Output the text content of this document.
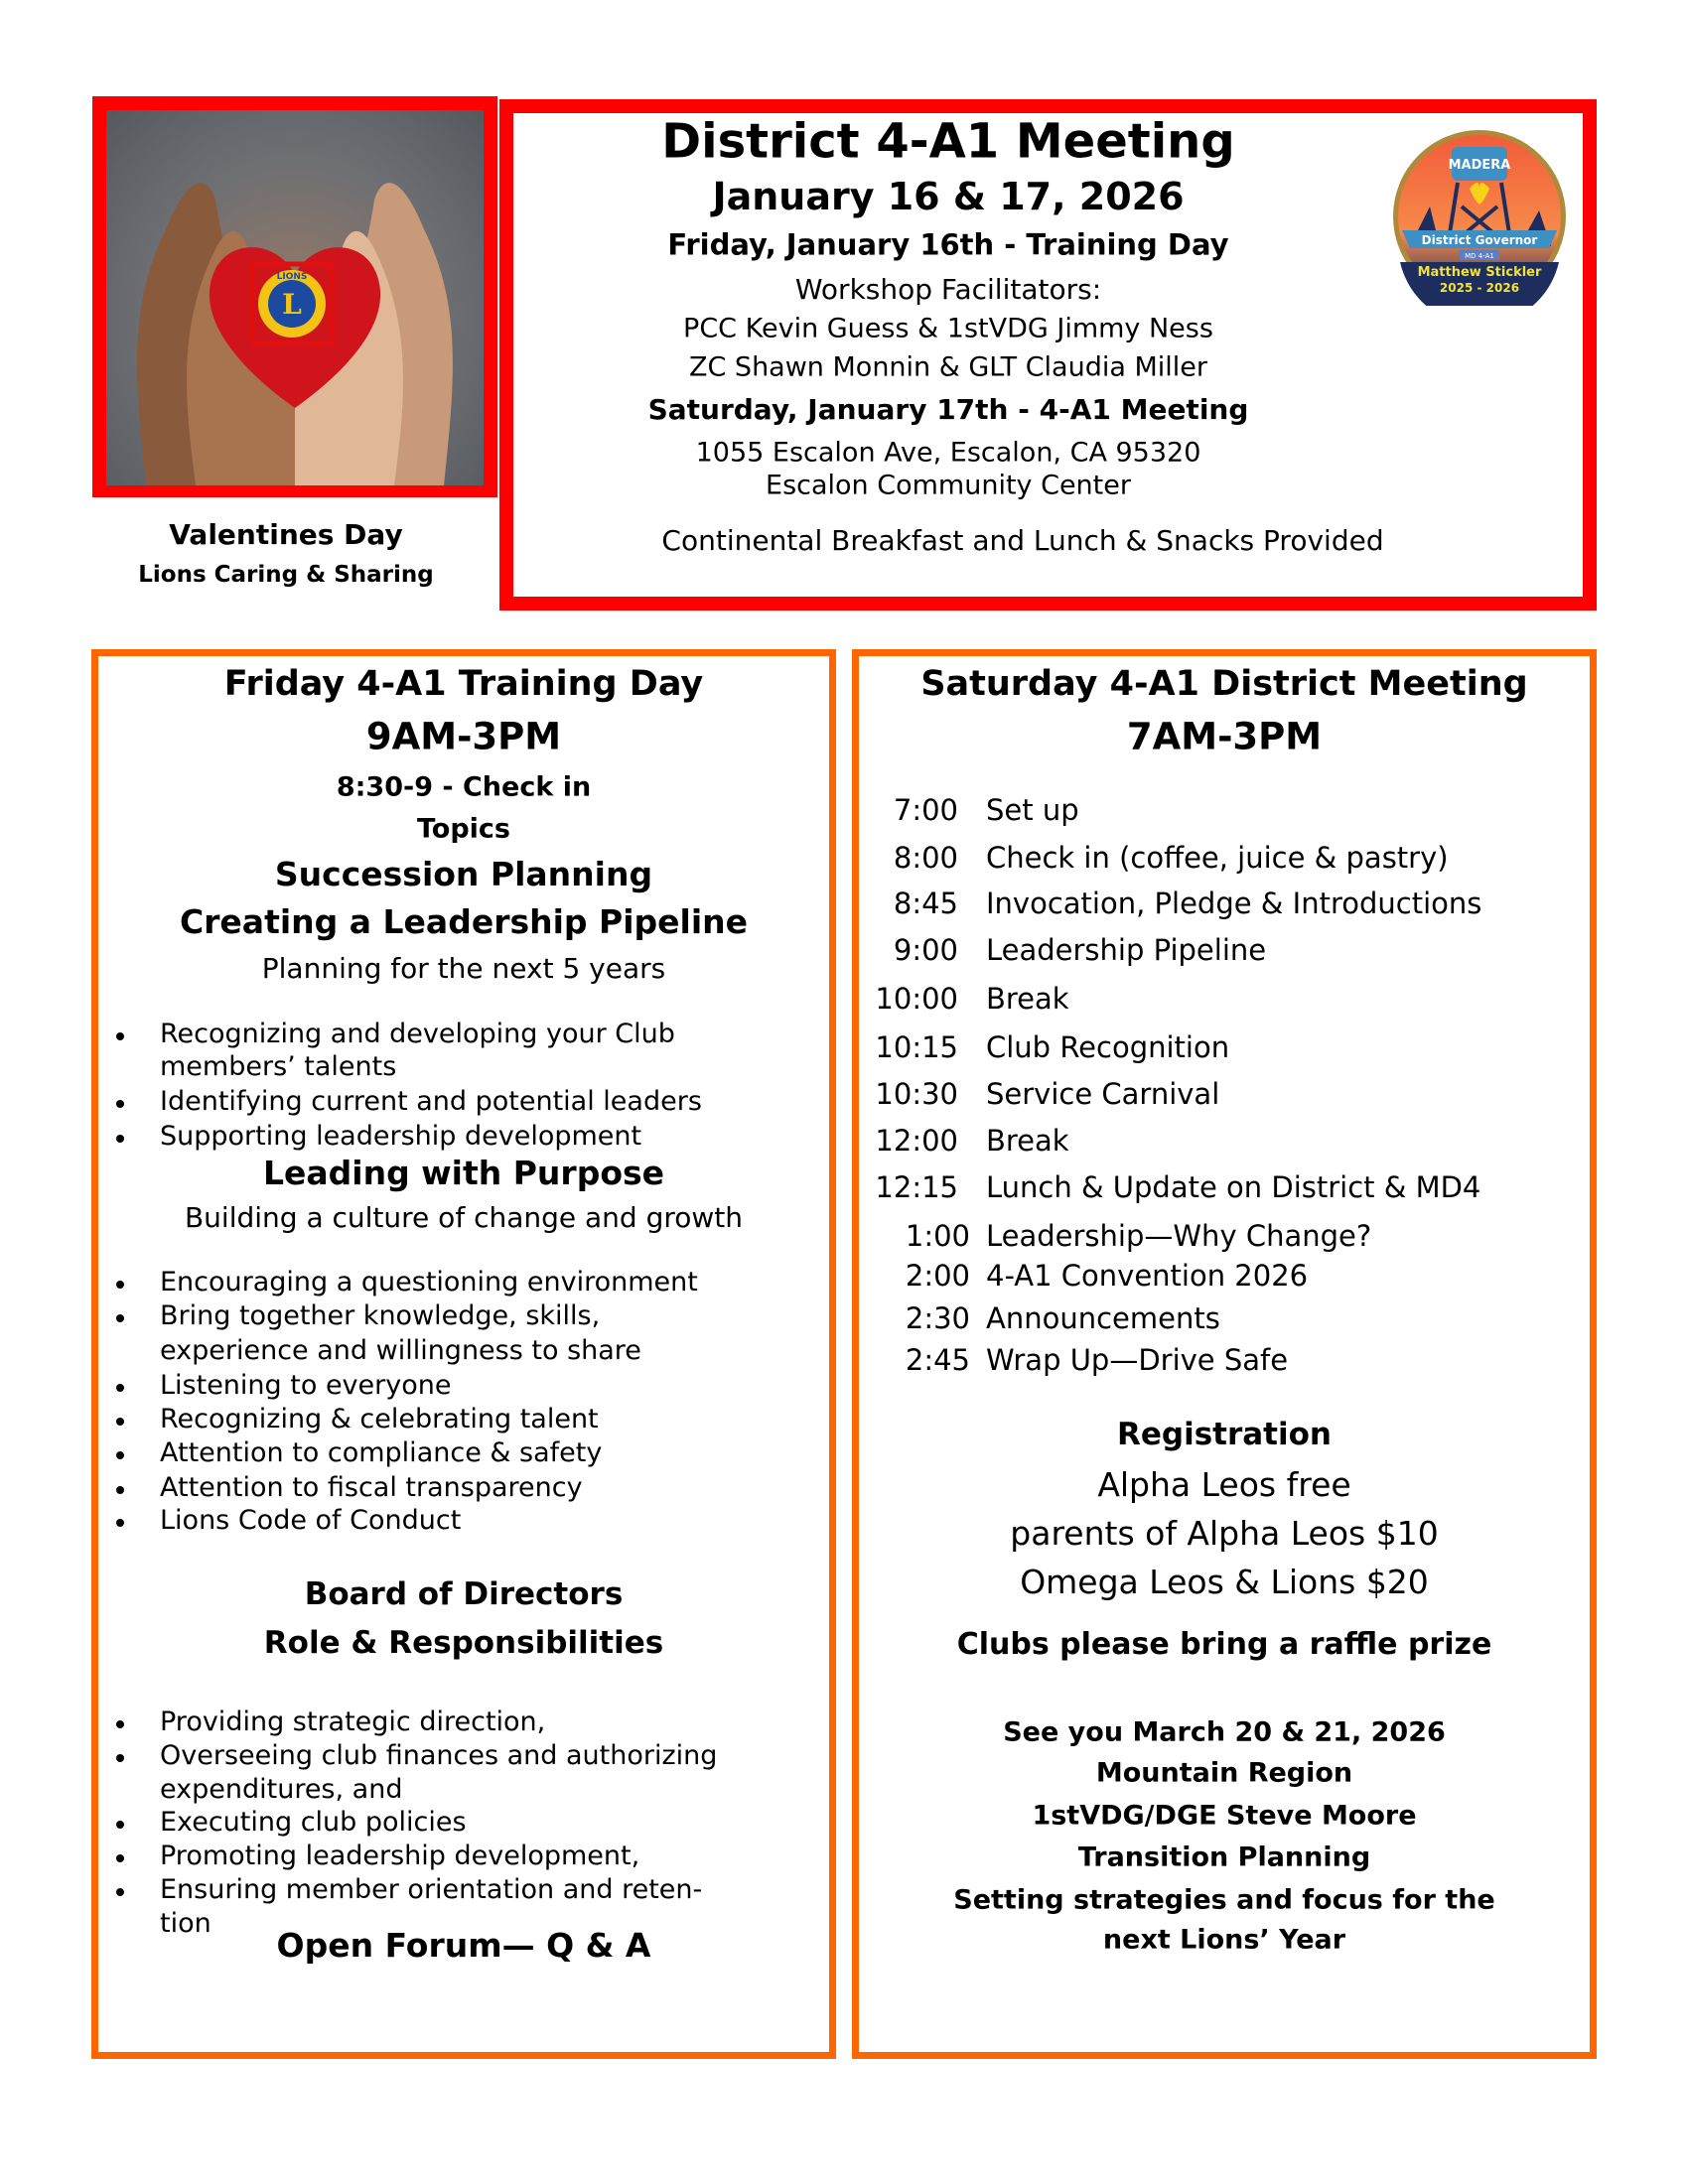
L
LIONS
Valentines Day
Lions Caring & Sharing
District 4-A1 Meeting
January 16 & 17, 2026
Friday, January 16th - Training Day
Workshop Facilitators:
PCC Kevin Guess & 1stVDG Jimmy Ness
ZC Shawn Monnin & GLT Claudia Miller
Saturday, January 17th - 4-A1 Meeting
1055 Escalon Ave, Escalon, CA 95320
Escalon Community Center
Continental Breakfast and Lunch & Snacks Provided
MADERA
District Governor
MD 4-A1
Matthew Stickler
2025 - 2026
Friday 4-A1 Training Day
9AM-3PM
8:30-9 - Check in
Topics
Succession Planning
Creating a Leadership Pipeline
Planning for the next 5 years
Recognizing and developing your Club
members’ talents
Identifying current and potential leaders
Supporting leadership development
Leading with Purpose
Building a culture of change and growth
Encouraging a questioning environment
Bring together knowledge, skills,
experience and willingness to share
Listening to everyone
Recognizing & celebrating talent
Attention to compliance & safety
Attention to fiscal transparency
Lions Code of Conduct
Board of Directors
Role & Responsibilities
Providing strategic direction,
Overseeing club finances and authorizing
expenditures, and
Executing club policies
Promoting leadership development,
Ensuring member orientation and reten-
tion
Open Forum— Q & A
Saturday 4-A1 District Meeting
7AM-3PM
7:00 Set up
8:00 Check in (coffee, juice & pastry)
8:45 Invocation, Pledge & Introductions
9:00 Leadership Pipeline
10:00 Break
10:15 Club Recognition
10:30 Service Carnival
12:00 Break
12:15 Lunch & Update on District & MD4
1:00 Leadership—Why Change?
2:00 4-A1 Convention 2026
2:30 Announcements
2:45 Wrap Up—Drive Safe
Registration
Alpha Leos free
parents of Alpha Leos $10
Omega Leos & Lions $20
Clubs please bring a raffle prize
See you March 20 & 21, 2026
Mountain Region
1stVDG/DGE Steve Moore
Transition Planning
Setting strategies and focus for the
next Lions’ Year
